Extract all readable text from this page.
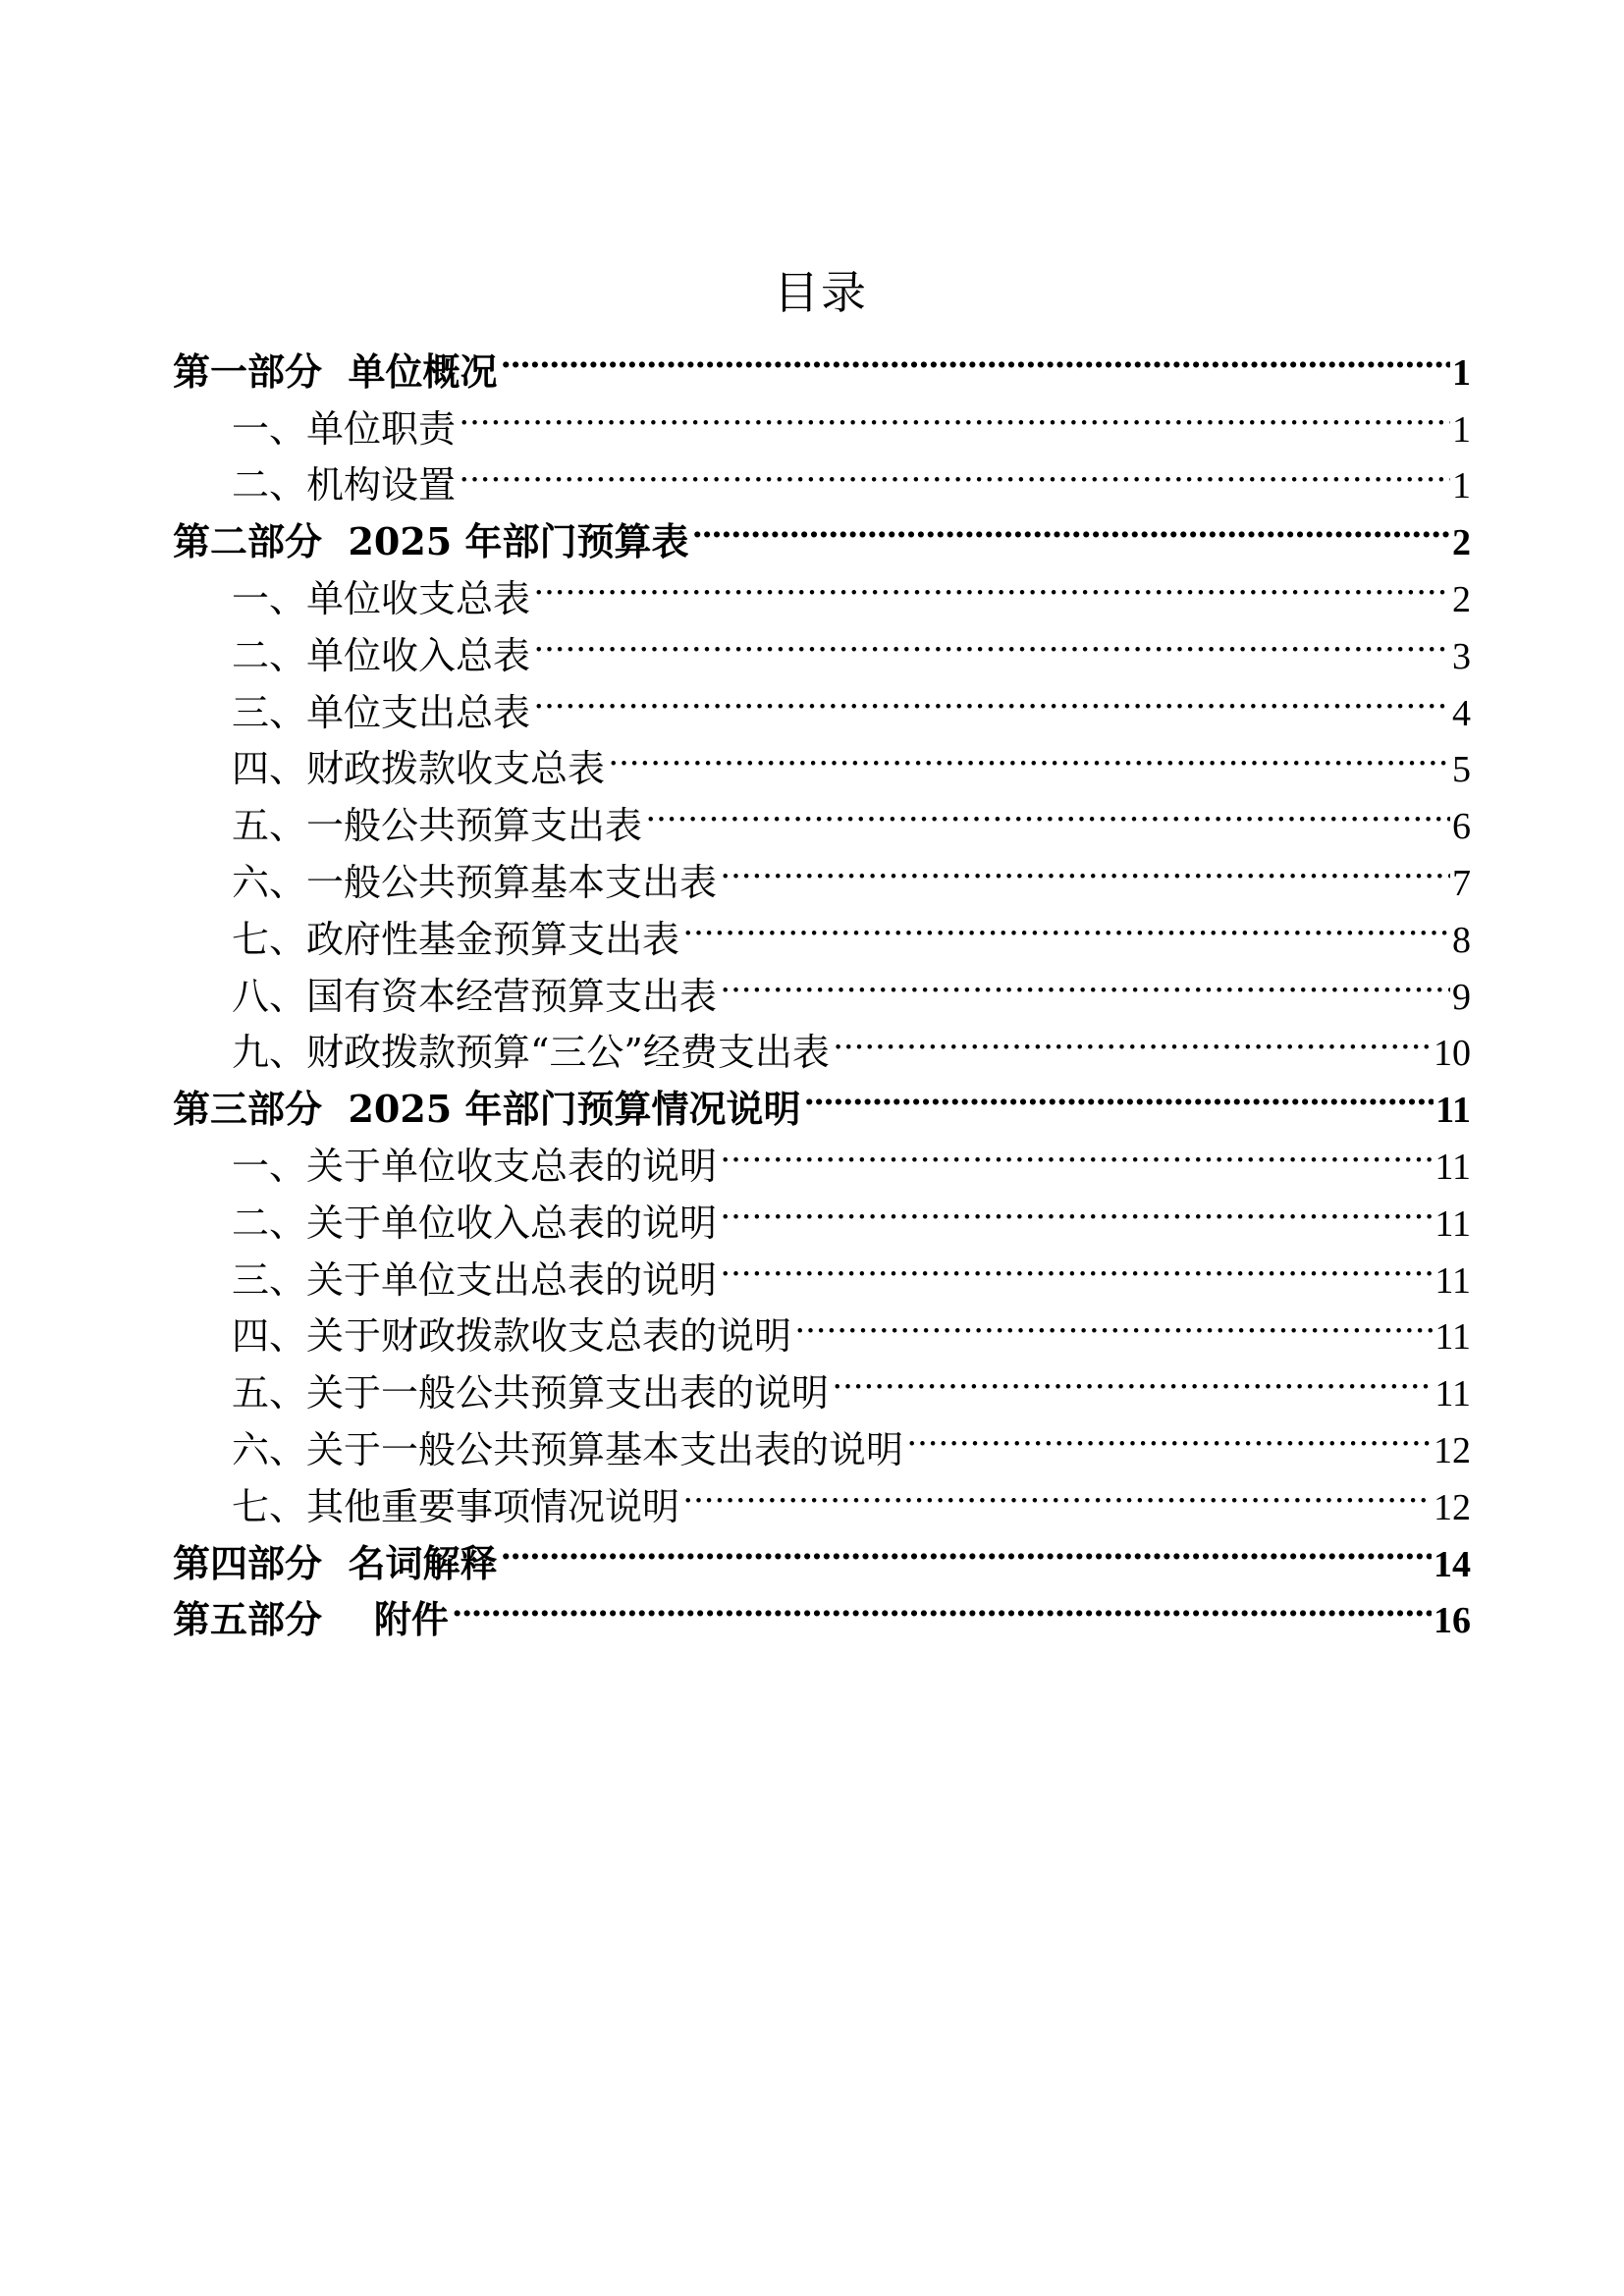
目录
第一部分  单位概况 .....	1
一、单位职责 .....	1
二、机构设置 .....	1
第二部分  2025 年部门预算表 .....	2
一、单位收支总表 .....	2
二、单位收入总表 .....	3
三、单位支出总表 .....	4
四、财政拨款收支总表 .....	5
五、一般公共预算支出表 .....	6
六、一般公共预算基本支出表 .....	7
七、政府性基金预算支出表 .....	8
八、国有资本经营预算支出表 .....	9
九、财政拨款预算“三公”经费支出表 .....	10
第三部分  2025 年部门预算情况说明 .....	11
一、关于单位收支总表的说明 .....	11
二、关于单位收入总表的说明 .....	11
三、关于单位支出总表的说明 .....	11
四、关于财政拨款收支总表的说明 .....	11
五、关于一般公共预算支出表的说明 .....	11
六、关于一般公共预算基本支出表的说明 .....	12
七、其他重要事项情况说明 .....	12
第四部分  名词解释 .....	14
第五部分    附件 .....	16
